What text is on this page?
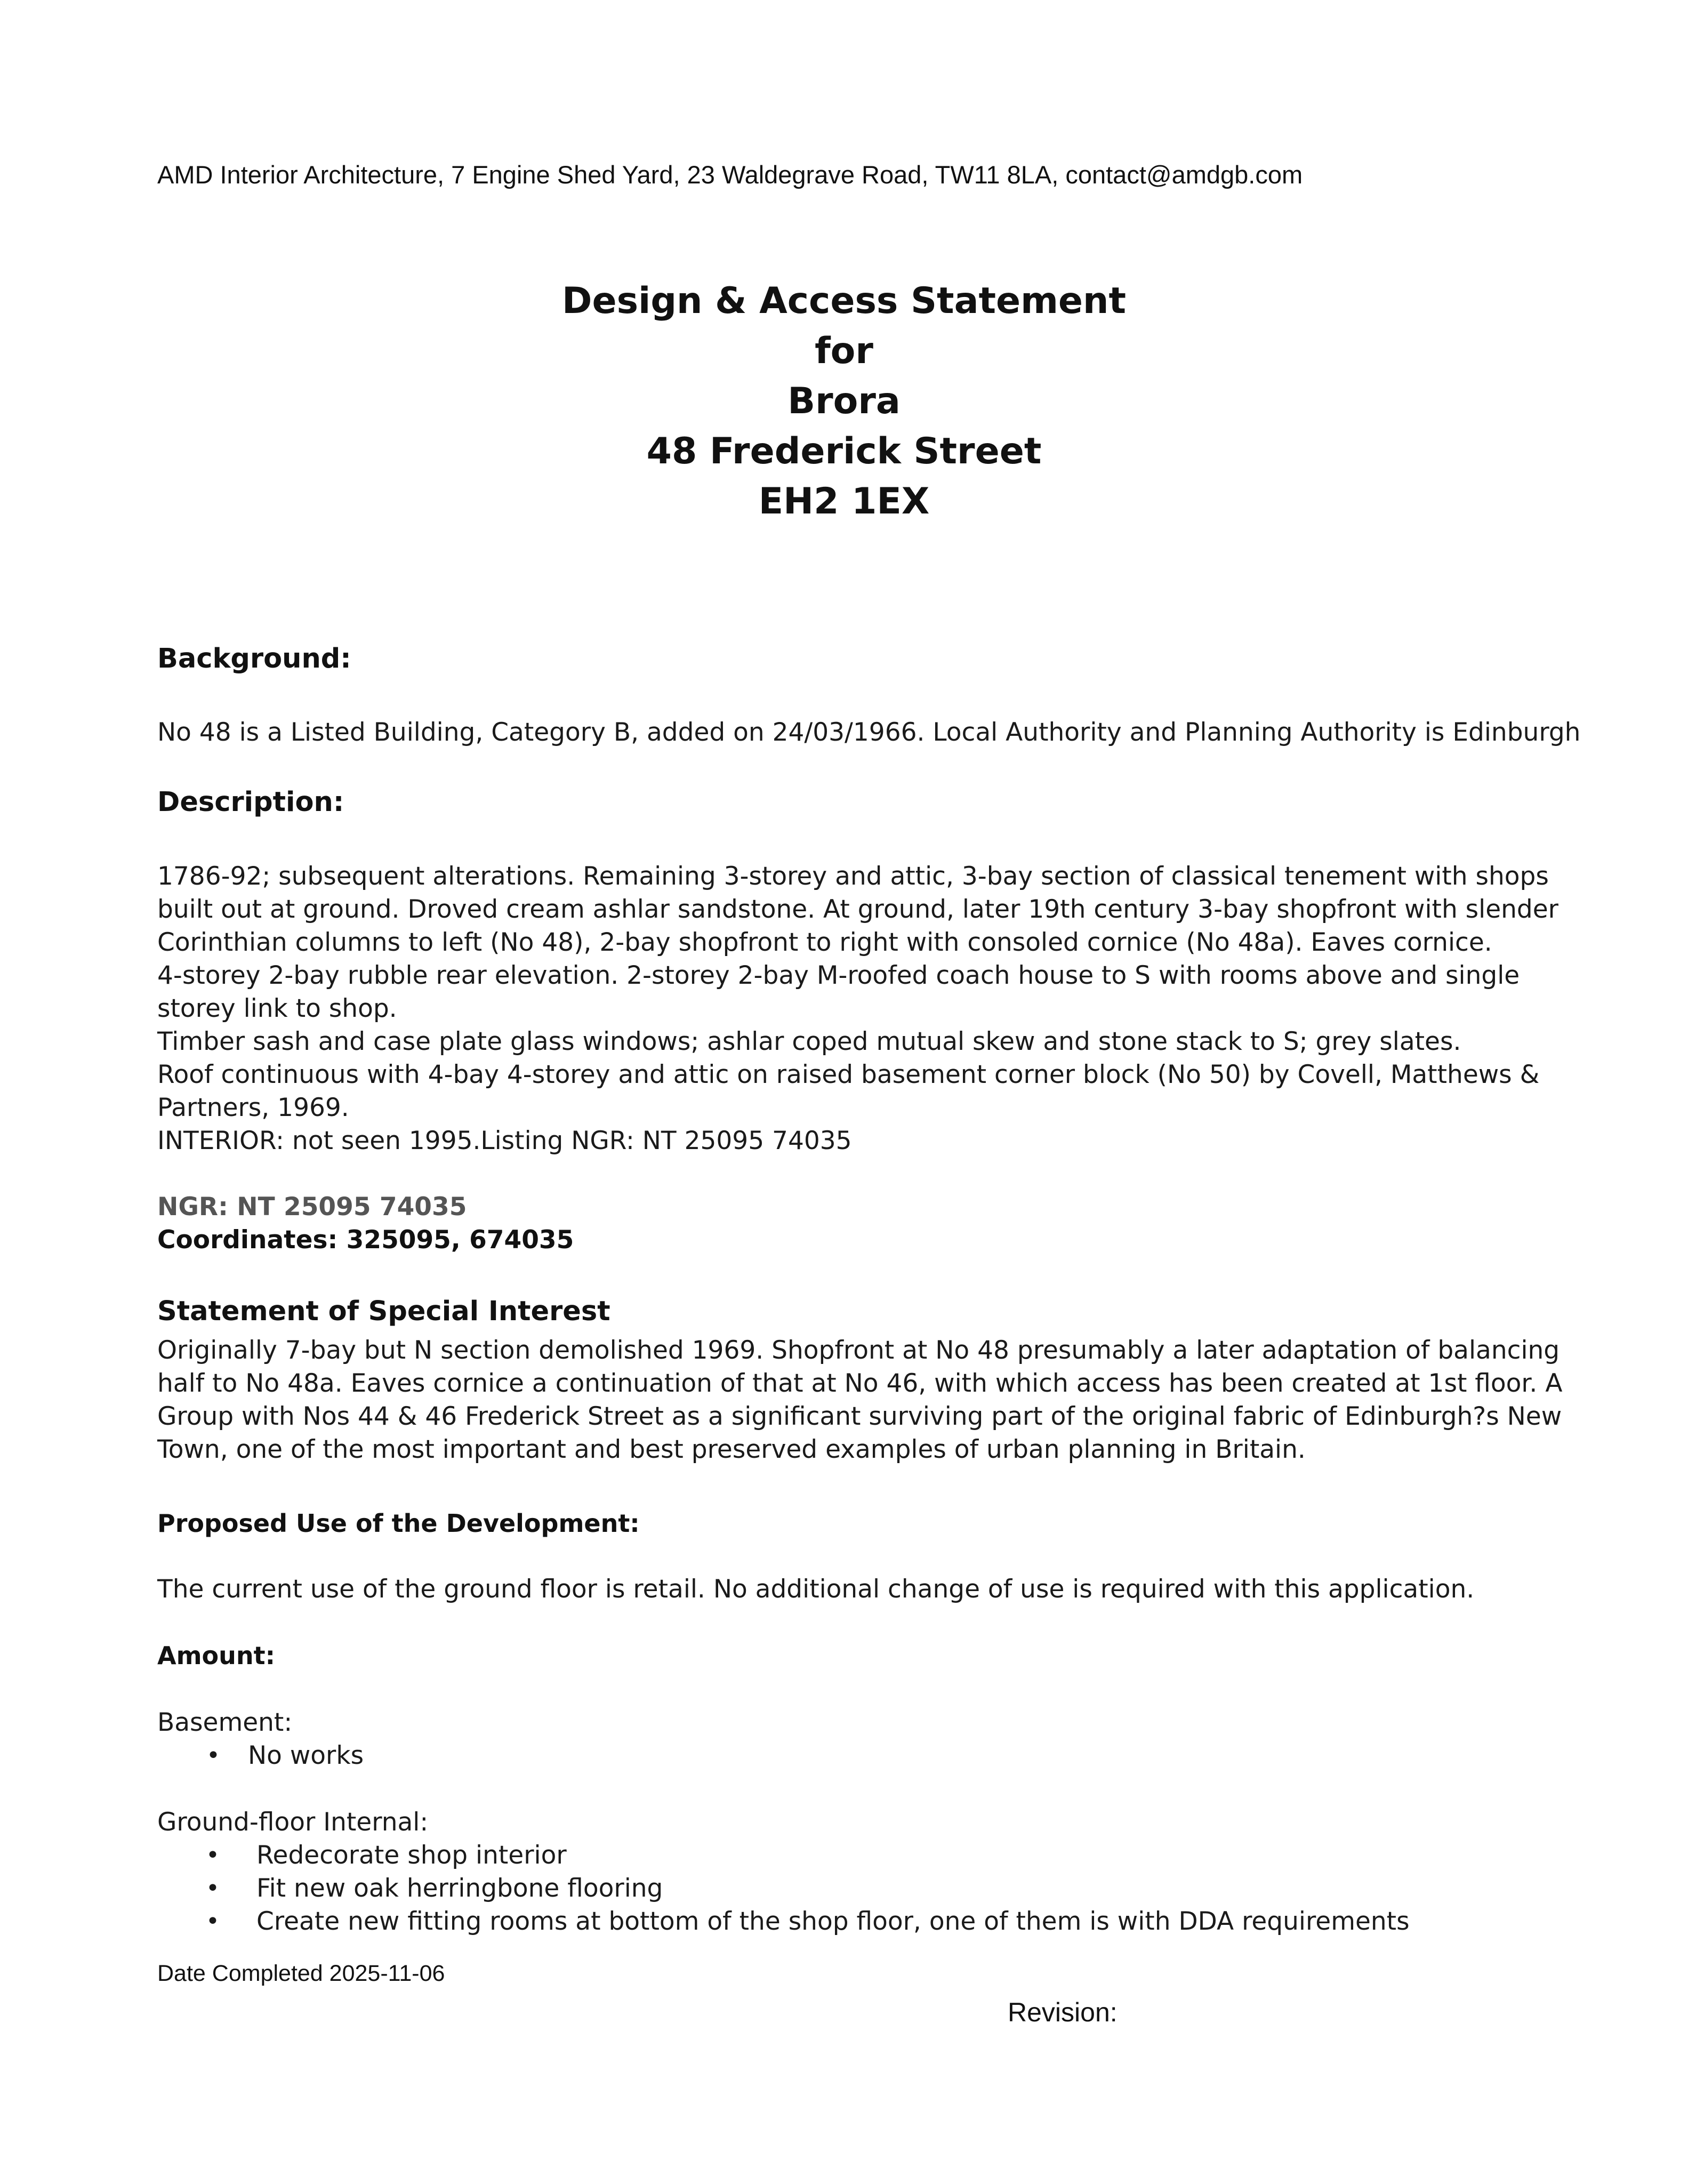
AMD Interior Architecture, 7 Engine Shed Yard, 23 Waldegrave Road, TW11 8LA, contact@amdgb.com
Design & Access Statement
for
Brora
48 Frederick Street
EH2 1EX
Background:
No 48 is a Listed Building, Category B, added on 24/03/1966. Local Authority and Planning Authority is Edinburgh
Description:
1786-92; subsequent alterations. Remaining 3-storey and attic, 3-bay section of classical tenement with shops
built out at ground. Droved cream ashlar sandstone. At ground, later 19th century 3-bay shopfront with slender
Corinthian columns to left (No 48), 2-bay shopfront to right with consoled cornice (No 48a). Eaves cornice.
4-storey 2-bay rubble rear elevation. 2-storey 2-bay M-roofed coach house to S with rooms above and single
storey link to shop.
Timber sash and case plate glass windows; ashlar coped mutual skew and stone stack to S; grey slates.
Roof continuous with 4-bay 4-storey and attic on raised basement corner block (No 50) by Covell, Matthews &
Partners, 1969.
INTERIOR: not seen 1995.Listing NGR: NT 25095 74035
NGR: NT 25095 74035
Coordinates: 325095, 674035
Statement of Special Interest
Originally 7-bay but N section demolished 1969. Shopfront at No 48 presumably a later adaptation of balancing
half to No 48a. Eaves cornice a continuation of that at No 46, with which access has been created at 1st floor. A
Group with Nos 44 & 46 Frederick Street as a significant surviving part of the original fabric of Edinburgh?s New
Town, one of the most important and best preserved examples of urban planning in Britain.
Proposed Use of the Development:
The current use of the ground floor is retail. No additional change of use is required with this application.
Amount:
Basement:
• No works
Ground-floor Internal:
• Redecorate shop interior
• Fit new oak herringbone flooring
• Create new fitting rooms at bottom of the shop floor, one of them is with DDA requirements
Date Completed 2025-11-06
Revision:
